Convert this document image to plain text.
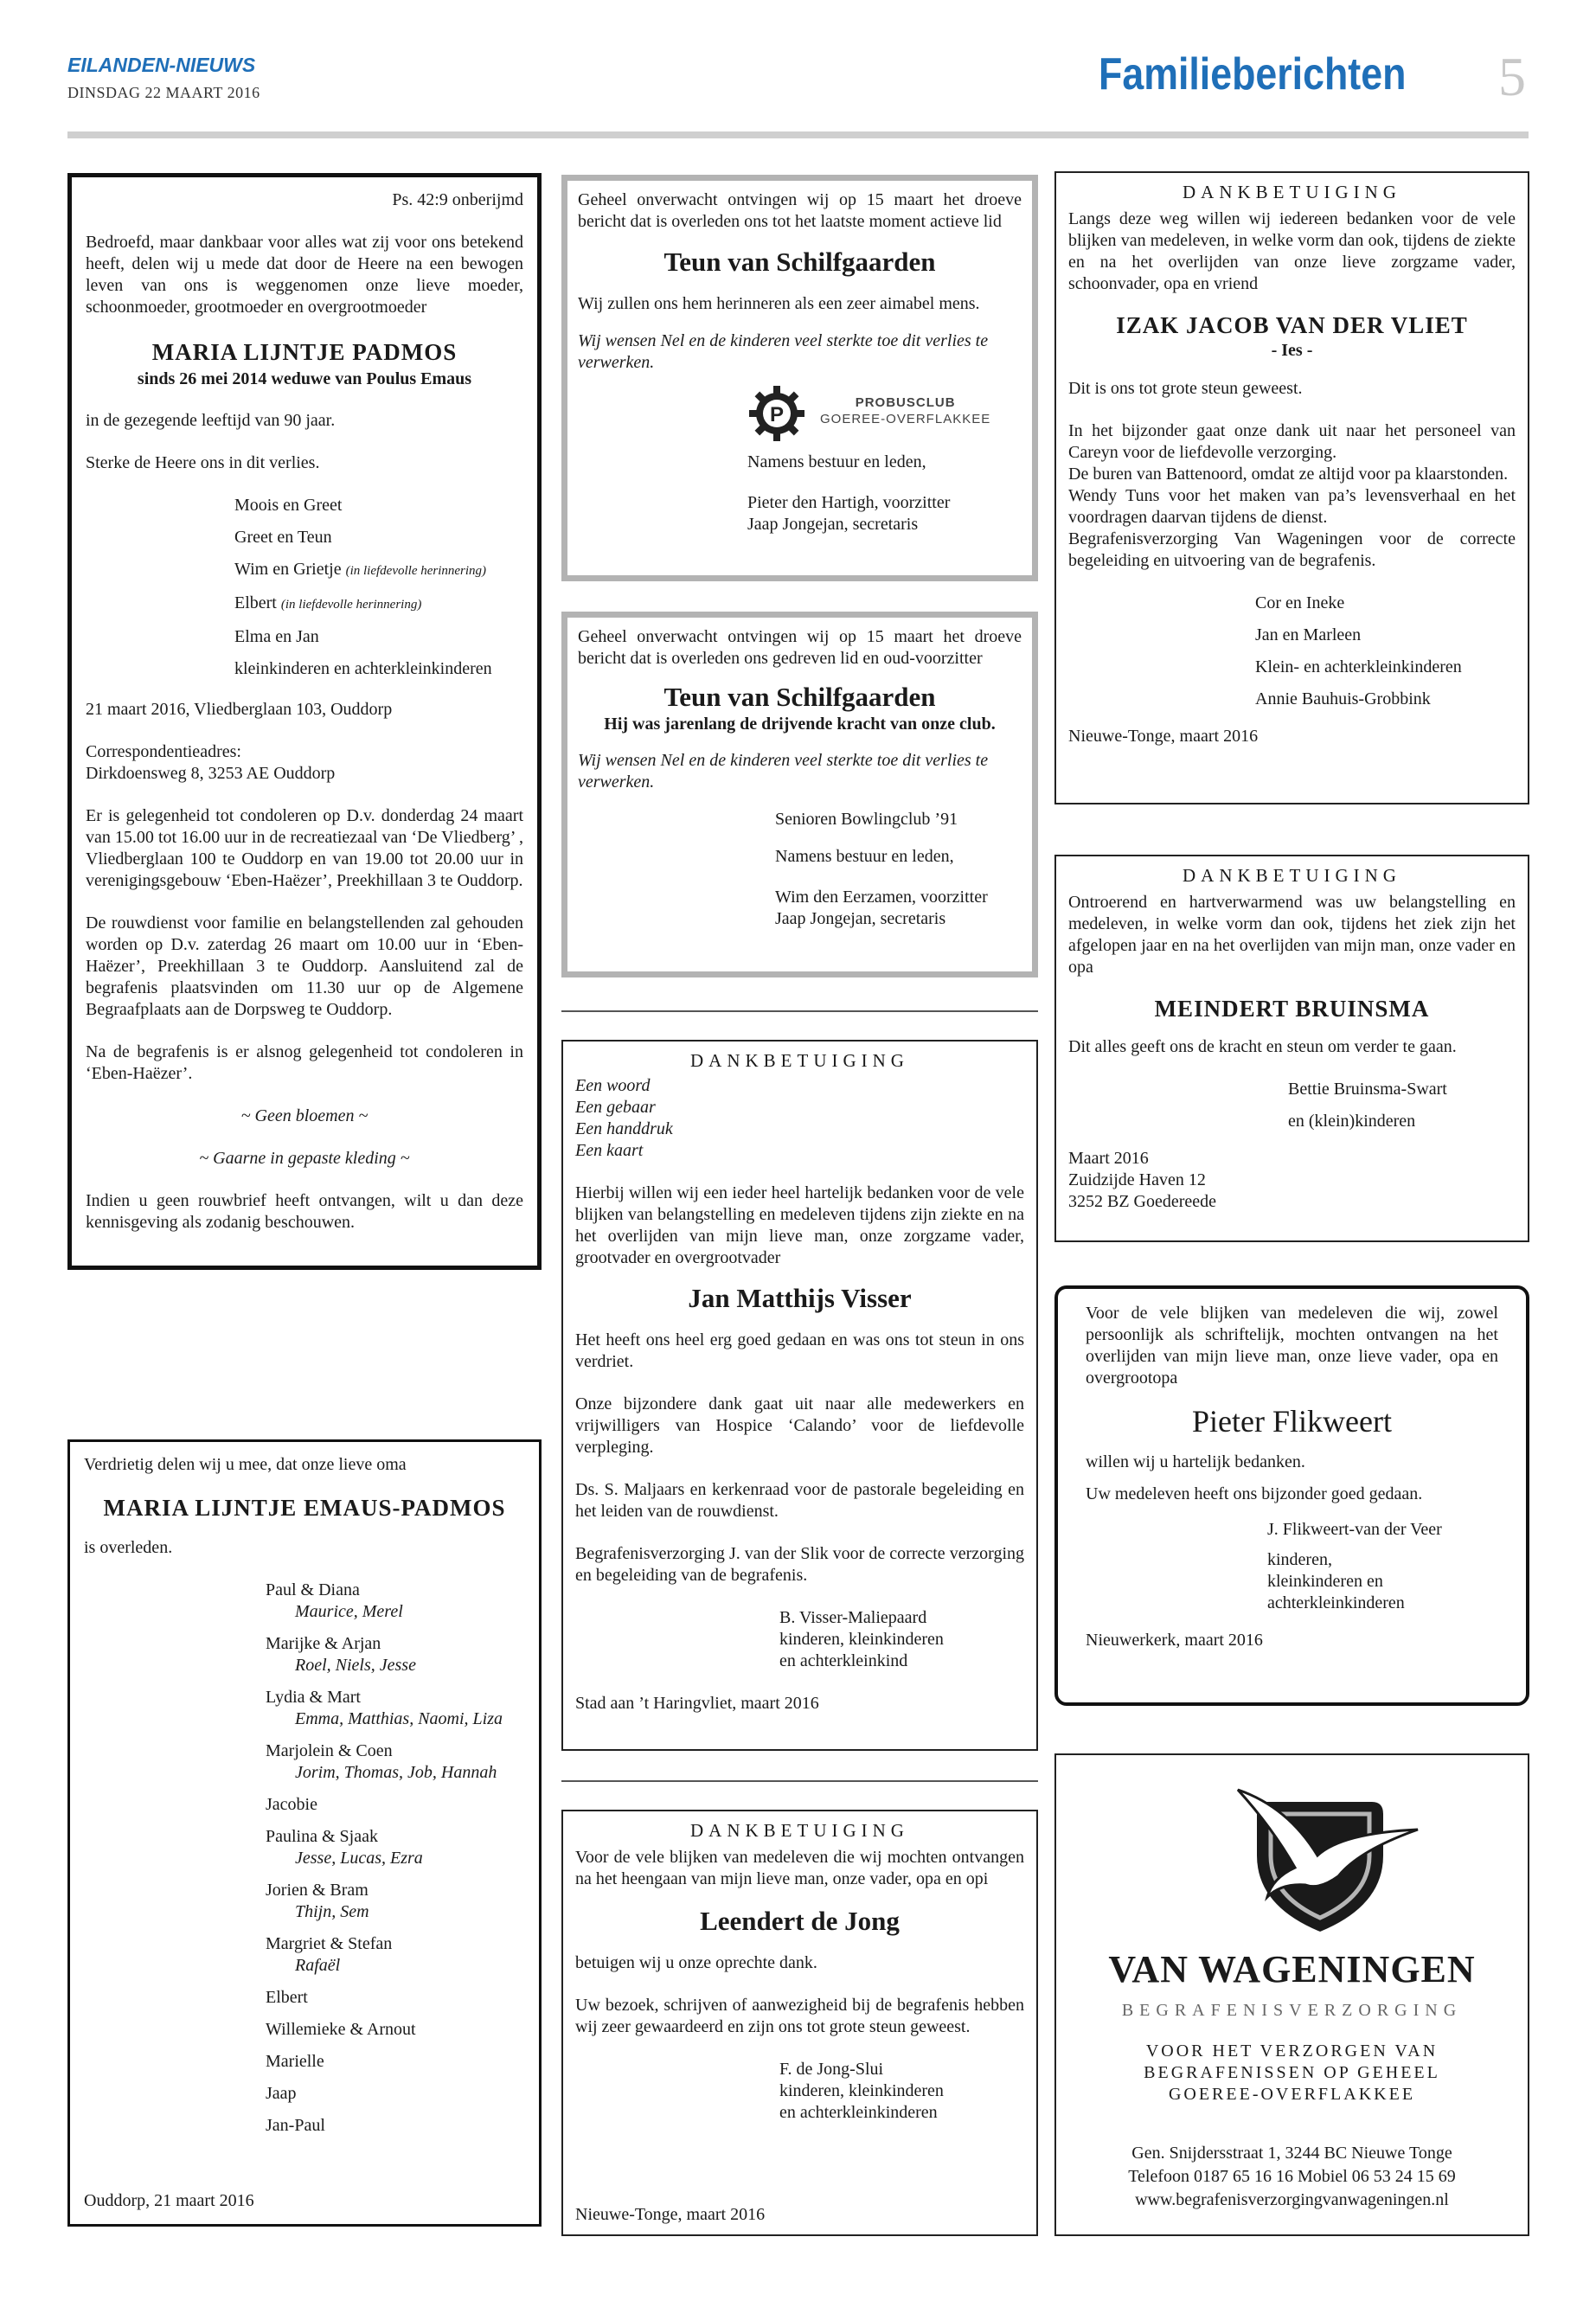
EILANDEN-NIEUWS
DINSDAG 22 MAART 2016	Familieberichten 5

Ps. 42:9 onberijmd

Bedroefd, maar dankbaar voor alles wat zij voor ons betekend heeft, delen wij u mede dat door de Heere na een bewogen leven van ons is weggenomen onze lieve moeder, schoonmoeder, grootmoeder en overgrootmoeder

MARIA LIJNTJE PADMOS

sinds 26 mei 2014 weduwe van Poulus Emaus

in de gezegende leeftijd van 90 jaar.

Sterke de Heere ons in dit verlies.

Moois en Greet

Greet en Teun

Wim en Grietje (in liefdevolle herinnering)

Elbert (in liefdevolle herinnering)

Elma en Jan

kleinkinderen en achterkleinkinderen

21 maart 2016, Vliedberglaan 103, Ouddorp

Correspondentieadres:

Dirkdoensweg 8, 3253 AE Ouddorp

Er is gelegenheid tot condoleren op D.v. donderdag 24 maart van 15.00 tot 16.00 uur in de recreatiezaal van ‘De Vliedberg’ , Vliedberglaan 100 te Ouddorp en van 19.00 tot 20.00 uur in verenigingsgebouw ‘Eben-Haëzer’, Preekhillaan 3 te Ouddorp.

De rouwdienst voor familie en belangstellenden zal gehouden worden op D.v. zaterdag 26 maart om 10.00 uur in ‘Eben-Haëzer’, Preekhillaan 3 te Ouddorp. Aansluitend zal de begrafenis plaatsvinden om 11.30 uur op de Algemene Begraafplaats aan de Dorpsweg te Ouddorp.

Na de begrafenis is er alsnog gelegenheid tot condoleren in ‘Eben-Haëzer’.

~ Geen bloemen ~

~ Gaarne in gepaste kleding ~

Indien u geen rouwbrief heeft ontvangen, wilt u dan deze kennisgeving als zodanig beschouwen.

Verdrietig delen wij u mee, dat onze lieve oma

MARIA LIJNTJE EMAUS-PADMOS

is overleden.

Paul & Diana

Maurice, Merel

Marijke & Arjan

Roel, Niels, Jesse

Lydia & Mart

Emma, Matthias, Naomi, Liza

Marjolein & Coen

Jorim, Thomas, Job, Hannah

Jacobie

Paulina & Sjaak

Jesse, Lucas, Ezra

Jorien & Bram

Thijn, Sem

Margriet & Stefan

Rafaël

Elbert

Willemieke & Arnout

Marielle

Jaap

Jan-Paul

Ouddorp, 21 maart 2016

Geheel onverwacht ontvingen wij op 15 maart het droeve bericht dat is overleden ons tot het laatste moment actieve lid

Teun van Schilfgaarden

Wij zullen ons hem herinneren als een zeer aimabel mens.

Wij wensen Nel en de kinderen veel sterkte toe dit verlies te verwerken.

P
PROBUSCLUB
GOEREE-OVERFLAKKEE

Namens bestuur en leden,

Pieter den Hartigh, voorzitter

Jaap Jongejan, secretaris

Geheel onverwacht ontvingen wij op 15 maart het droeve bericht dat is overleden ons gedreven lid en oud-voorzitter

Teun van Schilfgaarden

Hij was jarenlang de drijvende kracht van onze club.

Wij wensen Nel en de kinderen veel sterkte toe dit verlies te verwerken.

Senioren Bowlingclub ’91

Namens bestuur en leden,

Wim den Eerzamen, voorzitter

Jaap Jongejan, secretaris

DANKBETUIGING

Een woord

Een gebaar

Een handdruk

Een kaart

Hierbij willen wij een ieder heel hartelijk bedanken voor de vele blijken van belangstelling en medeleven tijdens zijn ziekte en na het overlijden van mijn lieve man, onze zorgzame vader, grootvader en overgrootvader

Jan Matthijs Visser

Het heeft ons heel erg goed gedaan en was ons tot steun in ons verdriet.

Onze bijzondere dank gaat uit naar alle medewerkers en vrijwilligers van Hospice ‘Calando’ voor de liefdevolle verpleging.

Ds. S. Maljaars en kerkenraad voor de pastorale begeleiding en het leiden van de rouwdienst.

Begrafenisverzorging J. van der Slik voor de correcte verzorging en begeleiding van de begrafenis.

B. Visser-Maliepaard

kinderen, kleinkinderen

en achterkleinkind

Stad aan ’t Haringvliet, maart 2016

DANKBETUIGING

Voor de vele blijken van medeleven die wij mochten ontvangen na het heengaan van mijn lieve man, onze vader, opa en opi

Leendert de Jong

betuigen wij u onze oprechte dank.

Uw bezoek, schrijven of aanwezigheid bij de begrafenis hebben wij zeer gewaardeerd en zijn ons tot grote steun geweest.

F. de Jong-Slui

kinderen, kleinkinderen

en achterkleinkinderen

Nieuwe-Tonge, maart 2016

DANKBETUIGING

Langs deze weg willen wij iedereen bedanken voor de vele blijken van medeleven, in welke vorm dan ook, tijdens de ziekte en na het overlijden van onze lieve zorgzame vader, schoonvader, opa en vriend

IZAK JACOB VAN DER VLIET

- Ies -

Dit is ons tot grote steun geweest.

In het bijzonder gaat onze dank uit naar het personeel van Careyn voor de liefdevolle verzorging.

De buren van Battenoord, omdat ze altijd voor pa klaarstonden.

Wendy Tuns voor het maken van pa’s levensverhaal en het voordragen daarvan tijdens de dienst.

Begrafenisverzorging Van Wageningen voor de correcte begeleiding en uitvoering van de begrafenis.

Cor en Ineke

Jan en Marleen

Klein- en achterkleinkinderen

Annie Bauhuis-Grobbink

Nieuwe-Tonge, maart 2016

DANKBETUIGING

Ontroerend en hartverwarmend was uw belangstelling en medeleven, in welke vorm dan ook, tijdens het ziek zijn het afgelopen jaar en na het overlijden van mijn man, onze vader en opa

MEINDERT BRUINSMA

Dit alles geeft ons de kracht en steun om verder te gaan.

Bettie Bruinsma-Swart

en (klein)kinderen

Maart 2016

Zuidzijde Haven 12

3252 BZ Goedereede

Voor de vele blijken van medeleven die wij, zowel persoonlijk als schriftelijk, mochten ontvangen na het overlijden van mijn lieve man, onze lieve vader, opa en overgrootopa

Pieter Flikweert

willen wij u hartelijk bedanken.

Uw medeleven heeft ons bijzonder goed gedaan.

J. Flikweert-van der Veer

kinderen,

kleinkinderen en

achterkleinkinderen

Nieuwerkerk, maart 2016

VAN WAGENINGEN
BEGRAFENISVERZORGING

VOOR HET VERZORGEN VAN

BEGRAFENISSEN OP GEHEEL

GOEREE-OVERFLAKKEE

Gen. Snijdersstraat 1, 3244 BC Nieuwe Tonge
Telefoon 0187 65 16 16 Mobiel 06 53 24 15 69
www.begrafenisverzorgingvanwageningen.nl
